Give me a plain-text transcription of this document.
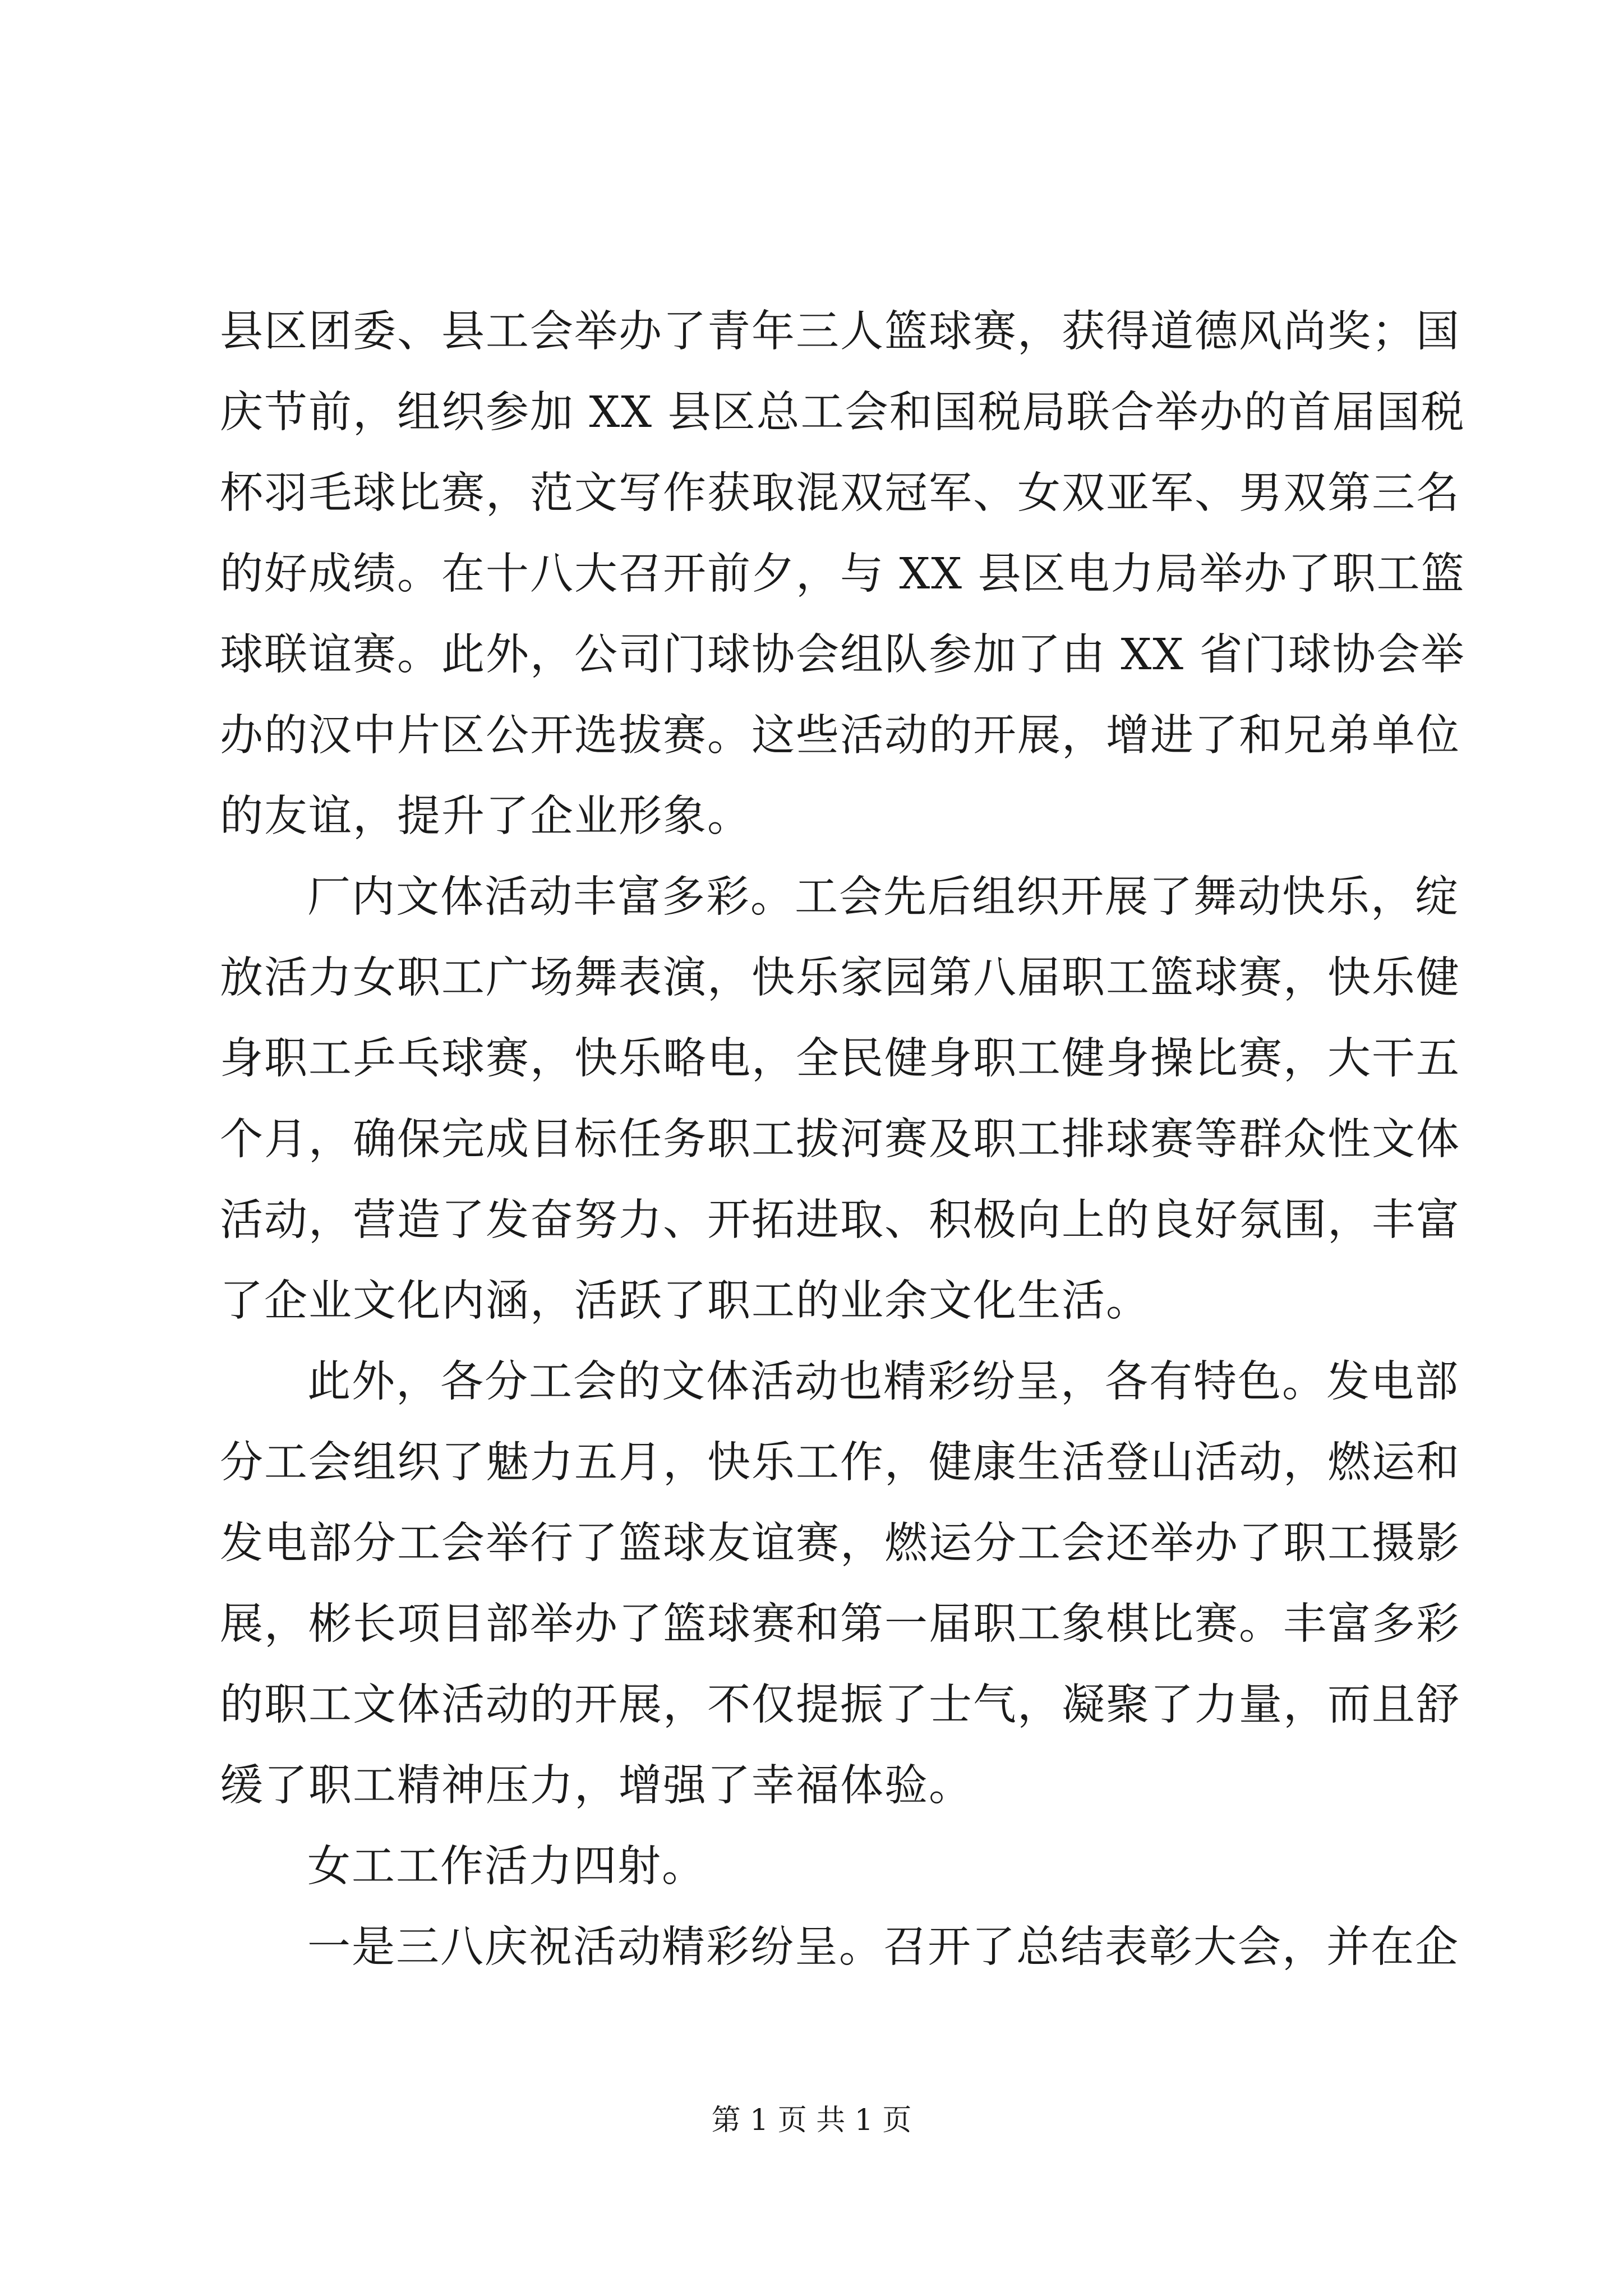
县区团委、县工会举办了青年三人篮球赛，获得道德风尚奖；国
庆节前，组织参加 XX 县区总工会和国税局联合举办的首届国税
杯羽毛球比赛，范文写作获取混双冠军、女双亚军、男双第三名
的好成绩。在十八大召开前夕，与 XX 县区电力局举办了职工篮
球联谊赛。此外，公司门球协会组队参加了由 XX 省门球协会举
办的汉中片区公开选拔赛。这些活动的开展，增进了和兄弟单位
的友谊，提升了企业形象。
厂内文体活动丰富多彩。工会先后组织开展了舞动快乐，绽
放活力女职工广场舞表演，快乐家园第八届职工篮球赛，快乐健
身职工乒乓球赛，快乐略电，全民健身职工健身操比赛，大干五
个月，确保完成目标任务职工拔河赛及职工排球赛等群众性文体
活动，营造了发奋努力、开拓进取、积极向上的良好氛围，丰富
了企业文化内涵，活跃了职工的业余文化生活。
此外，各分工会的文体活动也精彩纷呈，各有特色。发电部
分工会组织了魅力五月，快乐工作，健康生活登山活动，燃运和
发电部分工会举行了篮球友谊赛，燃运分工会还举办了职工摄影
展，彬长项目部举办了篮球赛和第一届职工象棋比赛。丰富多彩
的职工文体活动的开展，不仅提振了士气，凝聚了力量，而且舒
缓了职工精神压力，增强了幸福体验。
女工工作活力四射。
一是三八庆祝活动精彩纷呈。召开了总结表彰大会，并在企
第 1 页 共 1 页
